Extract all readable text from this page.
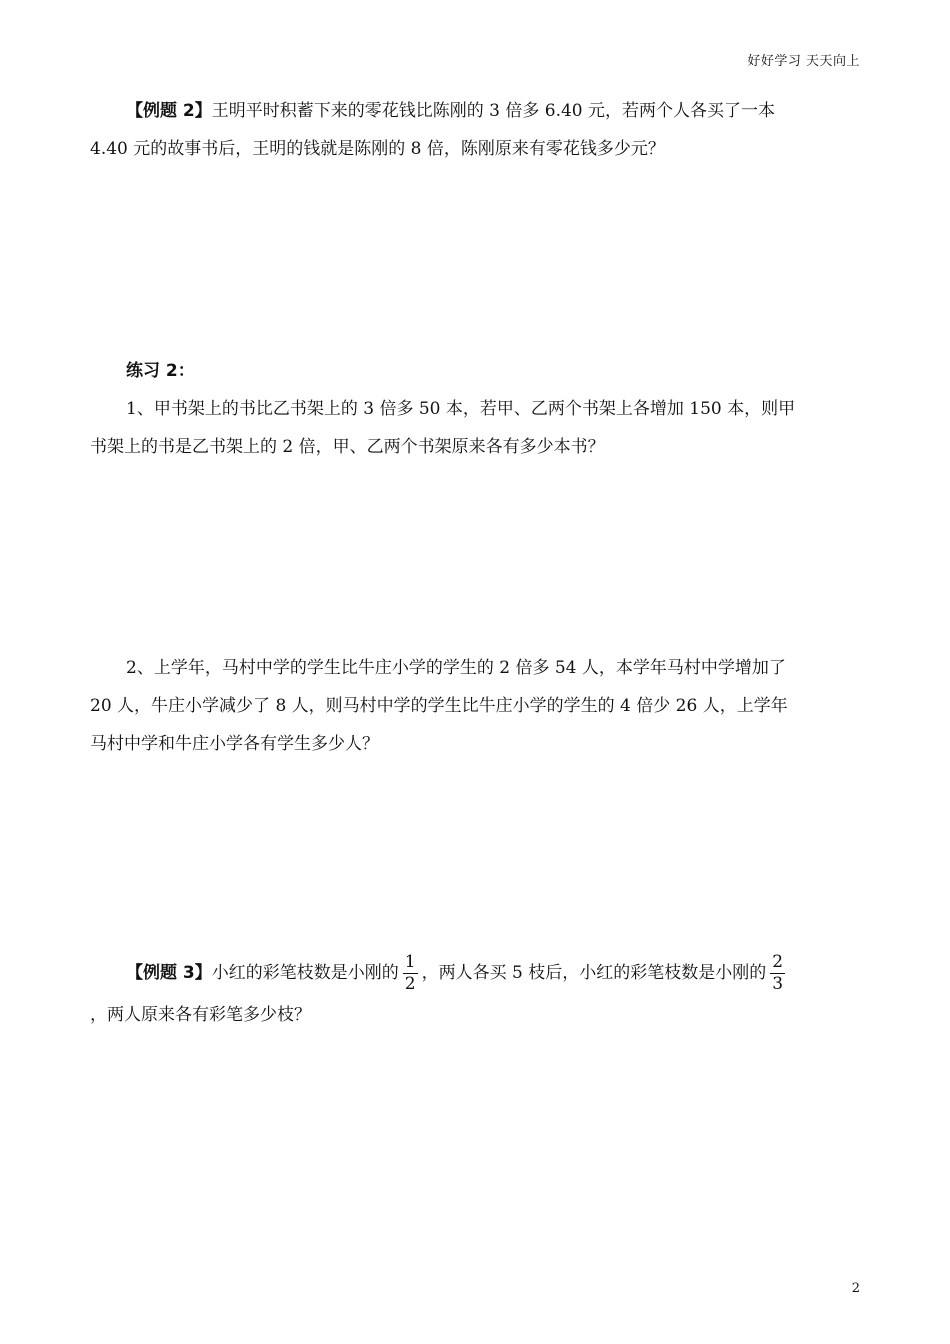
好好学习 天天向上
【例题 2】王明平时积蓄下来的零花钱比陈刚的 3 倍多 6.40 元，若两个人各买了一本
4.40 元的故事书后，王明的钱就是陈刚的 8 倍，陈刚原来有零花钱多少元？
练习 2：
1、甲书架上的书比乙书架上的 3 倍多 50 本，若甲、乙两个书架上各增加 150 本，则甲
书架上的书是乙书架上的 2 倍，甲、乙两个书架原来各有多少本书？
2、上学年，马村中学的学生比牛庄小学的学生的 2 倍多 54 人，本学年马村中学增加了
20 人，牛庄小学减少了 8 人，则马村中学的学生比牛庄小学的学生的 4 倍少 26 人，上学年
马村中学和牛庄小学各有学生多少人？
【例题 3】小红的彩笔枝数是小刚的 $\frac{1}{2}$ ，两人各买 5 枝后，小红的彩笔枝数是小刚的 $\frac{2}{3}$
，两人原来各有彩笔多少枝？
2
